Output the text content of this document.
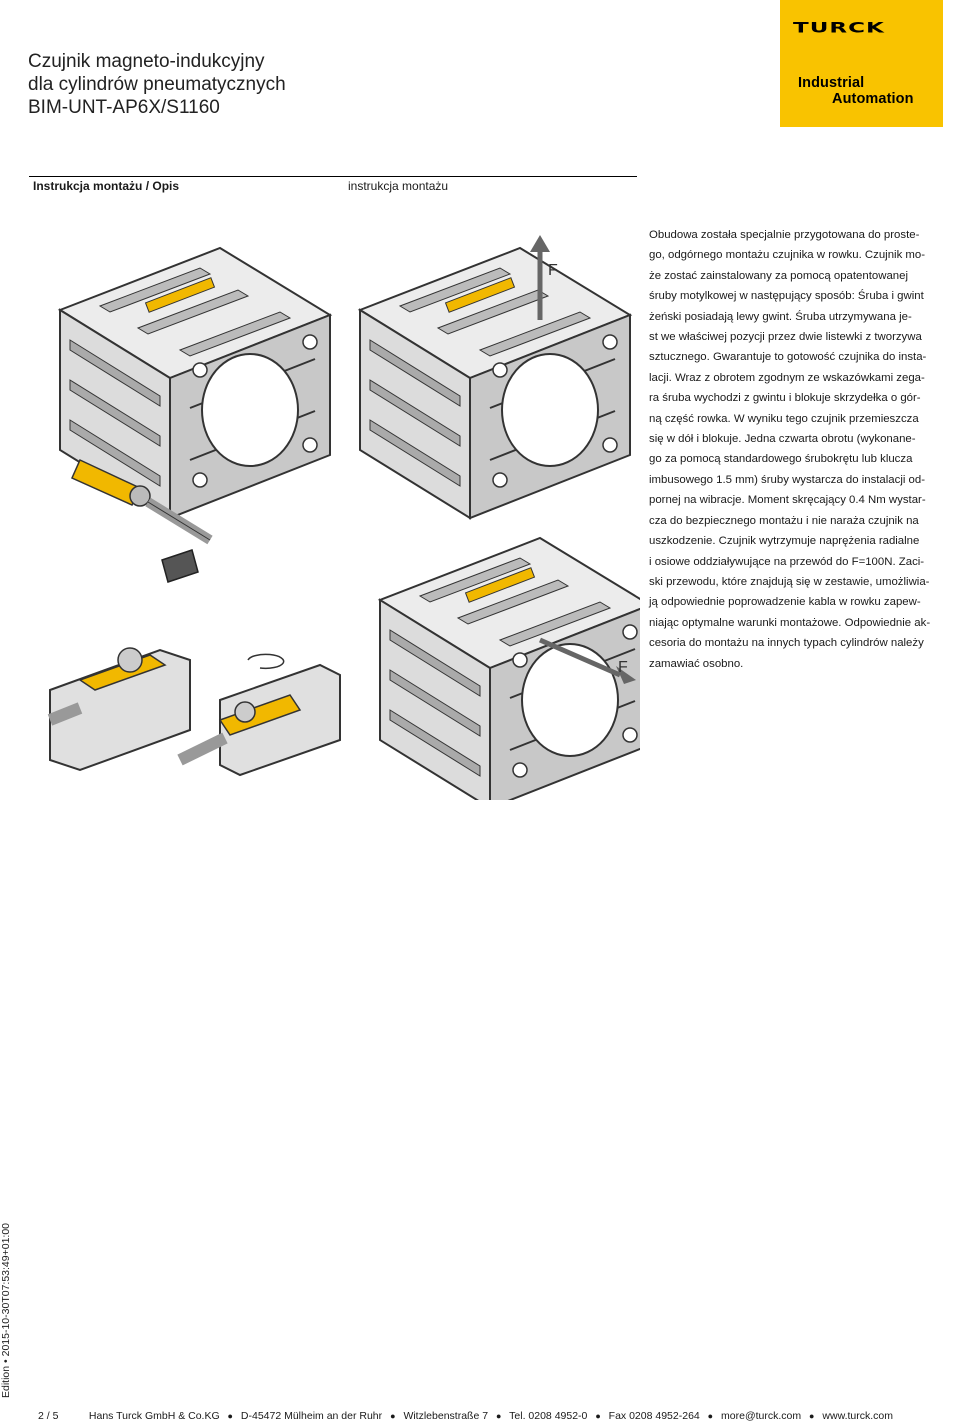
Czujnik magneto-indukcyjny
dla cylindrów pneumatycznych
BIM-UNT-AP6X/S1160
TURCK
Industrial
Automation
Instrukcja montażu / Opis	instrukcja montażu
F
F
Obudowa została specjalnie przygotowana do proste-
go, odgórnego montażu czujnika w rowku. Czujnik mo-
że zostać zainstalowany za pomocą opatentowanej
śruby motylkowej w następujący sposób: Śruba i gwint
żeński posiadają lewy gwint. Śruba utrzymywana je-
st we właściwej pozycji przez dwie listewki z tworzywa
sztucznego. Gwarantuje to gotowość czujnika do insta-
lacji. Wraz z obrotem zgodnym ze wskazówkami zega-
ra śruba wychodzi z gwintu i blokuje skrzydełka o gór-
ną część rowka. W wyniku tego czujnik przemieszcza
się w dół i blokuje. Jedna czwarta obrotu (wykonane-
go za pomocą standardowego śrubokrętu lub klucza
imbusowego 1.5 mm) śruby wystarcza do instalacji od-
pornej na wibracje. Moment skręcający 0.4 Nm wystar-
cza do bezpiecznego montażu i nie naraża czujnik na
uszkodzenie. Czujnik wytrzymuje naprężenia radialne
i osiowe oddziaływujące na przewód do F=100N. Zaci-
ski przewodu, które znajdują się w zestawie, umożliwia-
ją odpowiednie poprowadzenie kabla w rowku zapew-
niając optymalne warunki montażowe. Odpowiednie ak-
cesoria do montażu na innych typach cylindrów należy
zamawiać osobno.
Edition • 2015-10-30T07:53:49+01:00
2 / 5	Hans Turck GmbH & Co.KG ● D-45472 Mülheim an der Ruhr ● Witzlebenstraße 7 ● Tel. 0208 4952-0 ● Fax 0208 4952-264 ● more@turck.com ● www.turck.com
